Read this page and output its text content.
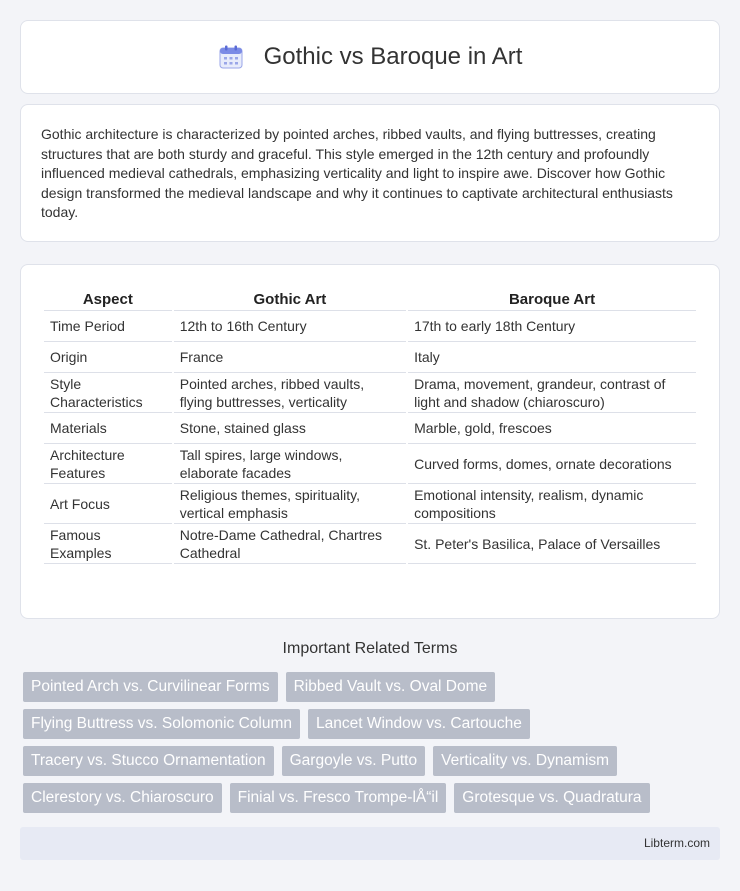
Gothic vs Baroque in Art

Gothic architecture is characterized by pointed arches, ribbed vaults, and flying buttresses, creating structures that are both sturdy and graceful. This style emerged in the 12th century and profoundly influenced medieval cathedrals, emphasizing verticality and light to inspire awe. Discover how Gothic design transformed the medieval landscape and why it continues to captivate architectural enthusiasts today.

Aspect	Gothic Art	Baroque Art
Time Period	12th to 16th Century	17th to early 18th Century
Origin	France	Italy
Style Characteristics	Pointed arches, ribbed vaults, flying buttresses, verticality	Drama, movement, grandeur, contrast of light and shadow (chiaroscuro)
Materials	Stone, stained glass	Marble, gold, frescoes
Architecture Features	Tall spires, large windows, elaborate facades	Curved forms, domes, ornate decorations
Art Focus	Religious themes, spirituality, vertical emphasis	Emotional intensity, realism, dynamic compositions
Famous Examples	Notre-Dame Cathedral, Chartres Cathedral	St. Peter's Basilica, Palace of Versailles
Important Related Terms
Pointed Arch vs. Curvilinear Forms	Ribbed Vault vs. Oval Dome
Flying Buttress vs. Solomonic Column	Lancet Window vs. Cartouche
Tracery vs. Stucco Ornamentation	Gargoyle vs. Putto	Verticality vs. Dynamism
Clerestory vs. Chiaroscuro	Finial vs. Fresco Trompe-lÅ“il	Grotesque vs. Quadratura
Libterm.com
